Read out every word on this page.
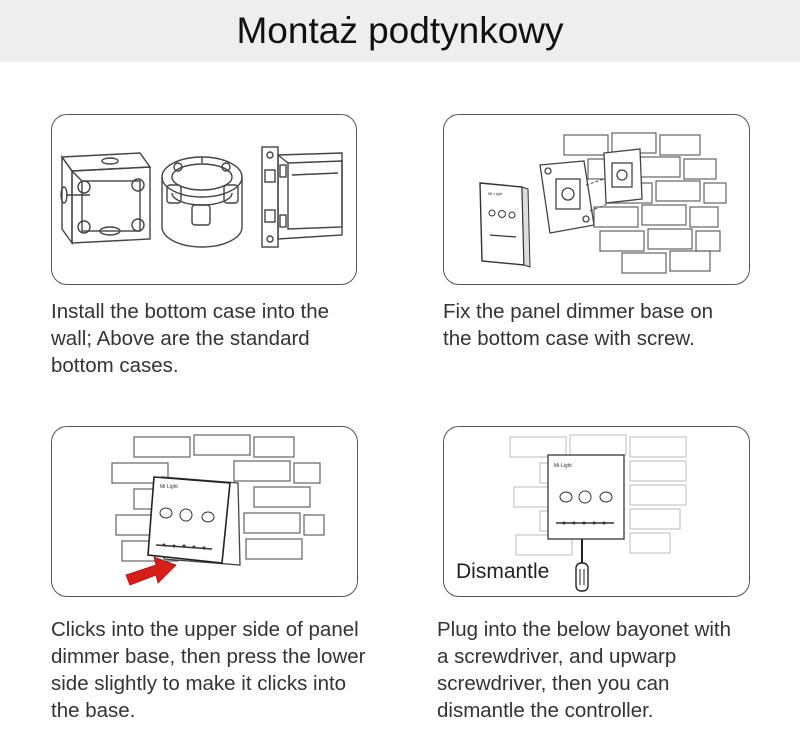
Montaż podtynkowy

Install the bottom case into the wall; Above are the standard bottom cases.

Mi·Light

Fix the panel dimmer base on the bottom case with screw.

Mi·Light

Clicks into the upper side of panel dimmer base, then press the lower side slightly to make it clicks into the base.

Mi·Light
Dismantle

Plug into the below bayonet with a screwdriver, and upwarp screwdriver, then you can dismantle the controller.
